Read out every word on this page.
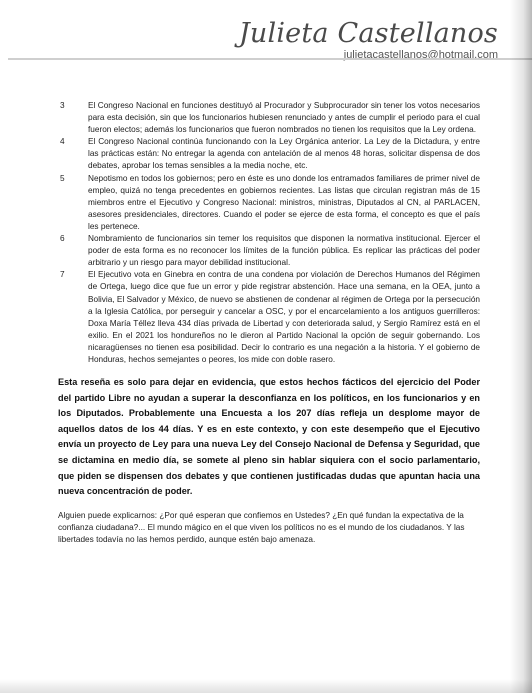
Julieta Castellanos
julietacastellanos@hotmail.com
3	El Congreso Nacional en funciones destituyó al Procurador y Subprocurador sin tener los votos necesarios para esta decisión, sin que los funcionarios hubiesen renunciado y antes de cumplir el periodo para el cual fueron electos; además los funcionarios que fueron nombrados no tienen los requisitos que la Ley ordena.
4	El Congreso Nacional continúa funcionando con la Ley Orgánica anterior. La Ley de la Dictadura, y entre las prácticas están: No entregar la agenda con antelación de al menos 48 horas, solicitar dispensa de dos debates, aprobar los temas sensibles a la media noche, etc.
5	Nepotismo en todos los gobiernos; pero en éste es uno donde los entramados familiares de primer nivel de empleo, quizá no tenga precedentes en gobiernos recientes. Las listas que circulan registran más de 15 miembros entre el Ejecutivo y Congreso Nacional: ministros, ministras, Diputados al CN, al PARLACEN, asesores presidenciales, directores. Cuando el poder se ejerce de esta forma, el concepto es que el país les pertenece.
6	Nombramiento de funcionarios sin temer los requisitos que disponen la normativa institucional. Ejercer el poder de esta forma es no reconocer los límites de la función pública. Es replicar las prácticas del poder arbitrario y un riesgo para mayor debilidad institucional.
7	El Ejecutivo vota en Ginebra en contra de una condena por violación de Derechos Humanos del Régimen de Ortega, luego dice que fue un error y pide registrar abstención. Hace una semana, en la OEA, junto a Bolivia, El Salvador y México, de nuevo se abstienen de condenar al régimen de Ortega por la persecución a la Iglesia Católica, por perseguir y cancelar a OSC, y por el encarcelamiento a los antiguos guerrilleros: Doxa María Téllez lleva 434 días privada de Libertad y con deteriorada salud, y Sergio Ramírez está en el exilio. En el 2021 los hondureños no le dieron al Partido Nacional la opción de seguir gobernando. Los nicaragüenses no tienen esa posibilidad. Decir lo contrario es una negación a la historia. Y el gobierno de Honduras, hechos semejantes o peores, los mide con doble rasero.

Esta reseña es solo para dejar en evidencia, que estos hechos fácticos del ejercicio del Poder del partido Libre no ayudan a superar la desconfianza en los políticos, en los funcionarios y en los Diputados. Probablemente una Encuesta a los 207 días refleja un desplome mayor de aquellos datos de los 44 días. Y es en este contexto, y con este desempeño que el Ejecutivo envía un proyecto de Ley para una nueva Ley del Consejo Nacional de Defensa y Seguridad, que se dictamina en medio día, se somete al pleno sin hablar siquiera con el socio parlamentario, que piden se dispensen dos debates y que contienen justificadas dudas que apuntan hacia una nueva concentración de poder.

Alguien puede explicarnos: ¿Por qué esperan que confiemos en Ustedes? ¿En qué fundan la expectativa de la confianza ciudadana?... El mundo mágico en el que viven los políticos no es el mundo de los ciudadanos. Y las libertades todavía no las hemos perdido, aunque estén bajo amenaza.
